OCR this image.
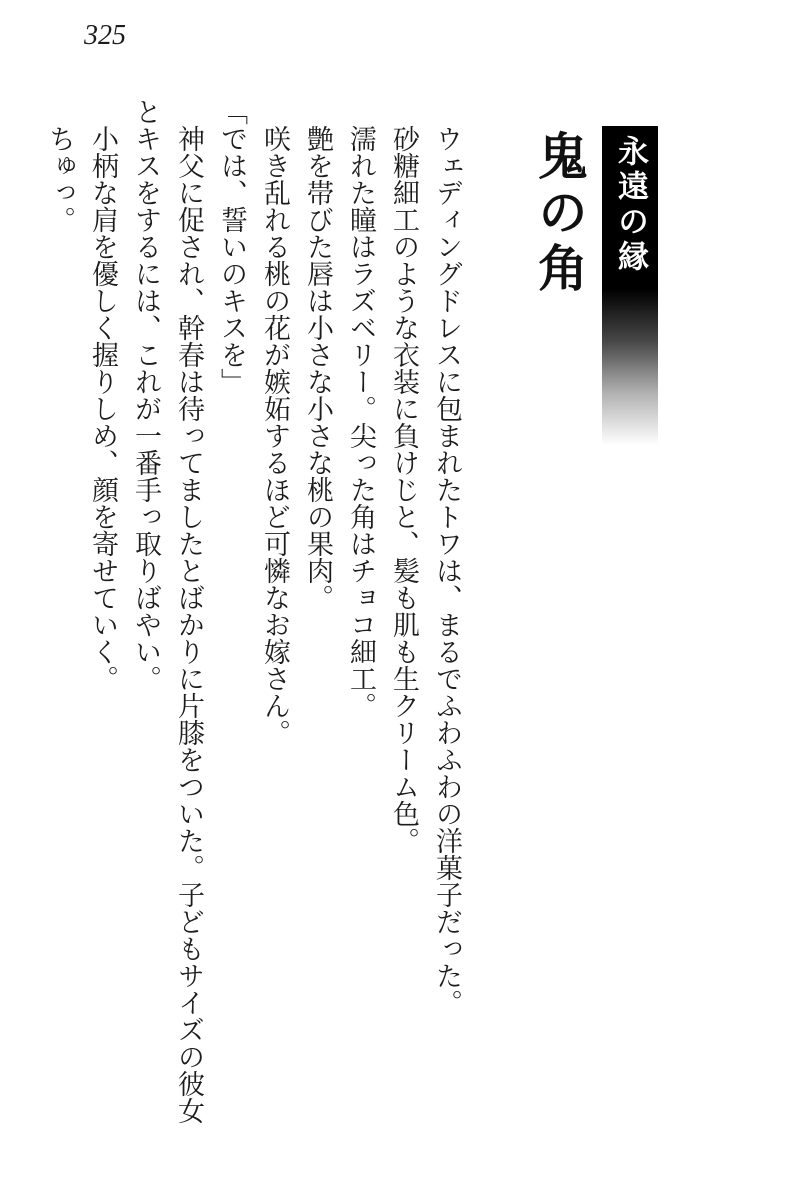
325
永遠の縁
鬼の角

　ウェディングドレスに包まれたトワは、まるでふわふわの洋菓子だった。

　砂糖細工のような衣装に負けじと、髪も肌も生クリーム色。

　濡れた瞳はラズベリー。尖った角はチョコ細工。

　艶を帯びた唇は小さな小さな桃の果肉。

　咲き乱れる桃の花が嫉妬するほど可憐なお嫁さん。

「では、誓いのキスを」

　神父に促され、幹春は待ってましたとばかりに片膝をついた。子どもサイズの彼女とキスをするには、これが一番手っ取りばやい。

　小柄な肩を優しく握りしめ、顔を寄せていく。

　ちゅっ。
